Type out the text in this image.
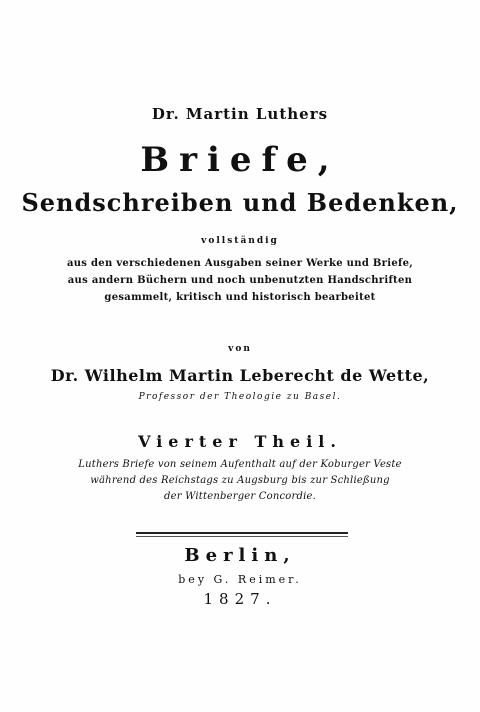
Dr. Martin Luthers
Briefe,
Sendschreiben und Bedenken,
vollständig
aus den verschiedenen Ausgaben seiner Werke und Briefe,
aus andern Büchern und noch unbenutzten Handschriften
gesammelt, kritisch und historisch bearbeitet
von
Dr. Wilhelm Martin Leberecht de Wette,
Professor der Theologie zu Basel.
Vierter Theil.
Luthers Briefe von seinem Aufenthalt auf der Koburger Veste
während des Reichstags zu Augsburg bis zur Schließung
der Wittenberger Concordie.
Berlin,
bey G. Reimer.
1827.
